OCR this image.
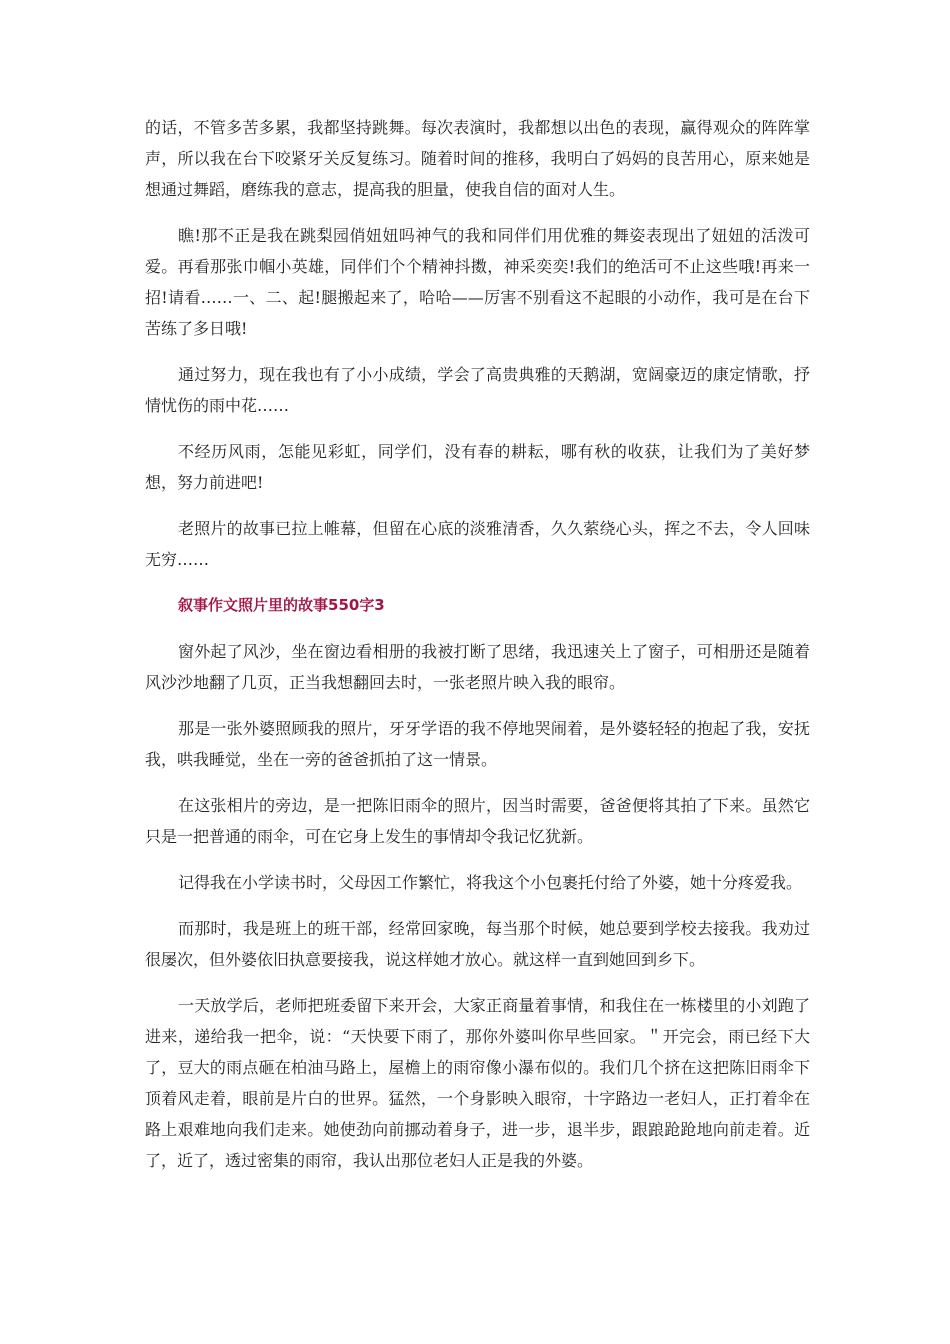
的话，不管多苦多累，我都坚持跳舞。每次表演时，我都想以出色的表现，赢得观众的阵阵掌声，所以我在台下咬紧牙关反复练习。随着时间的推移，我明白了妈妈的良苦用心，原来她是想通过舞蹈，磨练我的意志，提高我的胆量，使我自信的面对人生。

瞧!那不正是我在跳梨园俏妞妞吗神气的我和同伴们用优雅的舞姿表现出了妞妞的活泼可爱。再看那张巾帼小英雄，同伴们个个精神抖擞，神采奕奕!我们的绝活可不止这些哦!再来一招!请看……一、二、起!腿搬起来了，哈哈——厉害不别看这不起眼的小动作，我可是在台下苦练了多日哦!

通过努力，现在我也有了小小成绩，学会了高贵典雅的天鹅湖，宽阔豪迈的康定情歌，抒情忧伤的雨中花……

不经历风雨，怎能见彩虹，同学们，没有春的耕耘，哪有秋的收获，让我们为了美好梦想，努力前进吧!

老照片的故事已拉上帷幕，但留在心底的淡雅清香，久久萦绕心头，挥之不去，令人回味无穷……

叙事作文照片里的故事550字3

窗外起了风沙，坐在窗边看相册的我被打断了思绪，我迅速关上了窗子，可相册还是随着风沙沙地翻了几页，正当我想翻回去时，一张老照片映入我的眼帘。

那是一张外婆照顾我的照片，牙牙学语的我不停地哭闹着，是外婆轻轻的抱起了我，安抚我，哄我睡觉，坐在一旁的爸爸抓拍了这一情景。

在这张相片的旁边，是一把陈旧雨伞的照片，因当时需要，爸爸便将其拍了下来。虽然它只是一把普通的雨伞，可在它身上发生的事情却令我记忆犹新。

记得我在小学读书时，父母因工作繁忙，将我这个小包裹托付给了外婆，她十分疼爱我。

而那时，我是班上的班干部，经常回家晚，每当那个时候，她总要到学校去接我。我劝过很屡次，但外婆依旧执意要接我，说这样她才放心。就这样一直到她回到乡下。

一天放学后，老师把班委留下来开会，大家正商量着事情，和我住在一栋楼里的小刘跑了进来，递给我一把伞，说：“天快要下雨了，那你外婆叫你早些回家。＂开完会，雨已经下大了，豆大的雨点砸在柏油马路上，屋檐上的雨帘像小瀑布似的。我们几个挤在这把陈旧雨伞下顶着风走着，眼前是片白的世界。猛然，一个身影映入眼帘，十字路边一老妇人，正打着伞在路上艰难地向我们走来。她使劲向前挪动着身子，进一步，退半步，跟踉跄跄地向前走着。近了，近了，透过密集的雨帘，我认出那位老妇人正是我的外婆。
